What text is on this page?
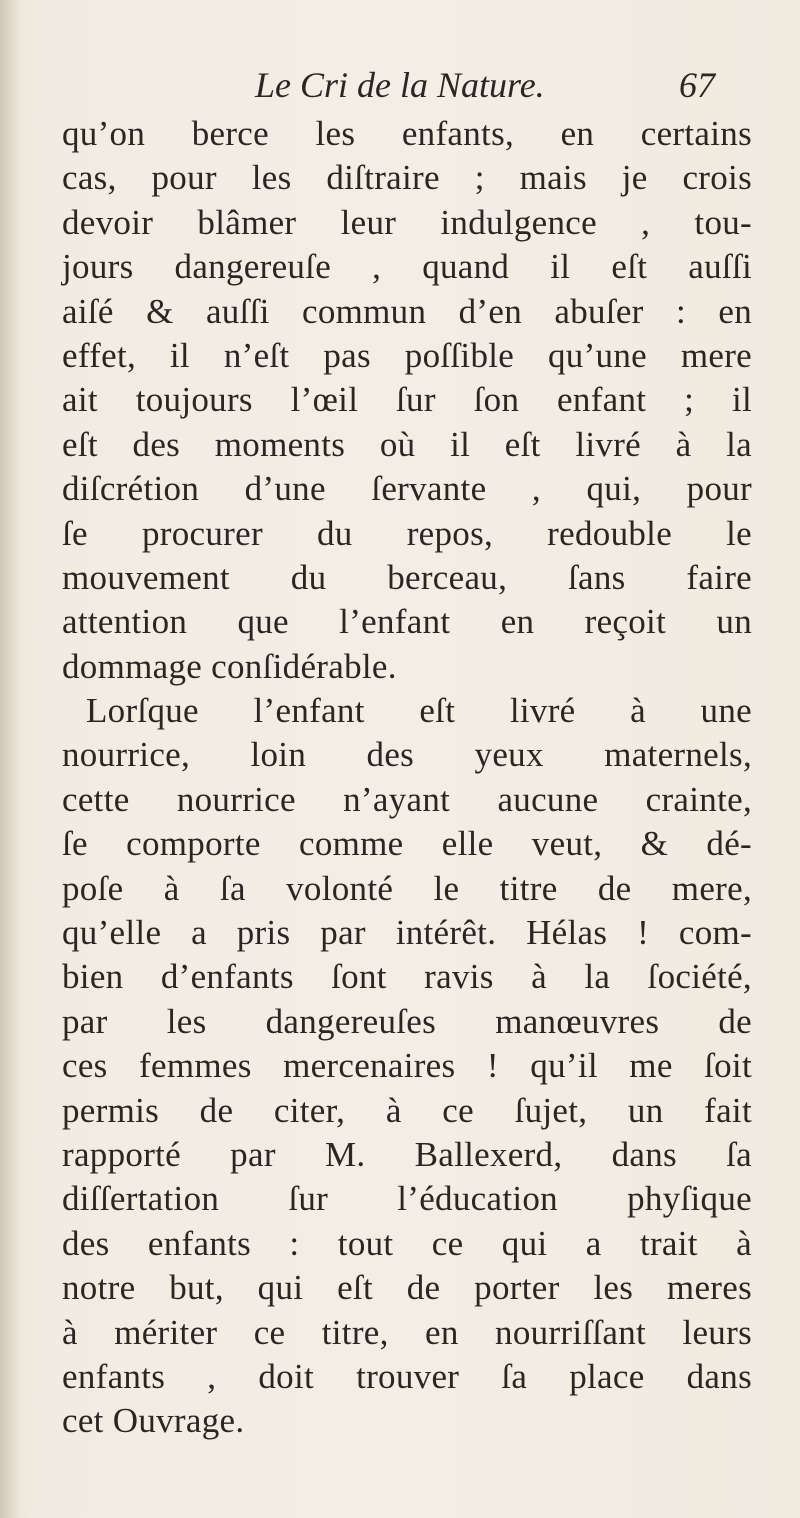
Le Cri de la Nature.	67
qu’on berce les enfants, en certains
cas, pour les diſtraire ; mais je crois
devoir blâmer leur indulgence , tou-
jours dangereuſe , quand il eſt auſſi
aiſé & auſſi commun d’en abuſer : en
effet, il n’eſt pas poſſible qu’une mere
ait toujours l’œil ſur ſon enfant ; il
eſt des moments où il eſt livré à la
diſcrétion d’une ſervante , qui, pour
ſe procurer du repos, redouble le
mouvement du berceau, ſans faire
attention que l’enfant en reçoit un
dommage conſidérable.
Lorſque l’enfant eſt livré à une
nourrice, loin des yeux maternels,
cette nourrice n’ayant aucune crainte,
ſe comporte comme elle veut, & dé-
poſe à ſa volonté le titre de mere,
qu’elle a pris par intérêt. Hélas ! com-
bien d’enfants ſont ravis à la ſociété,
par les dangereuſes manœuvres de
ces femmes mercenaires ! qu’il me ſoit
permis de citer, à ce ſujet, un fait
rapporté par M. Ballexerd, dans ſa
diſſertation ſur l’éducation phyſique
des enfants : tout ce qui a trait à
notre but, qui eſt de porter les meres
à mériter ce titre, en nourriſſant leurs
enfants , doit trouver ſa place dans
cet Ouvrage.
